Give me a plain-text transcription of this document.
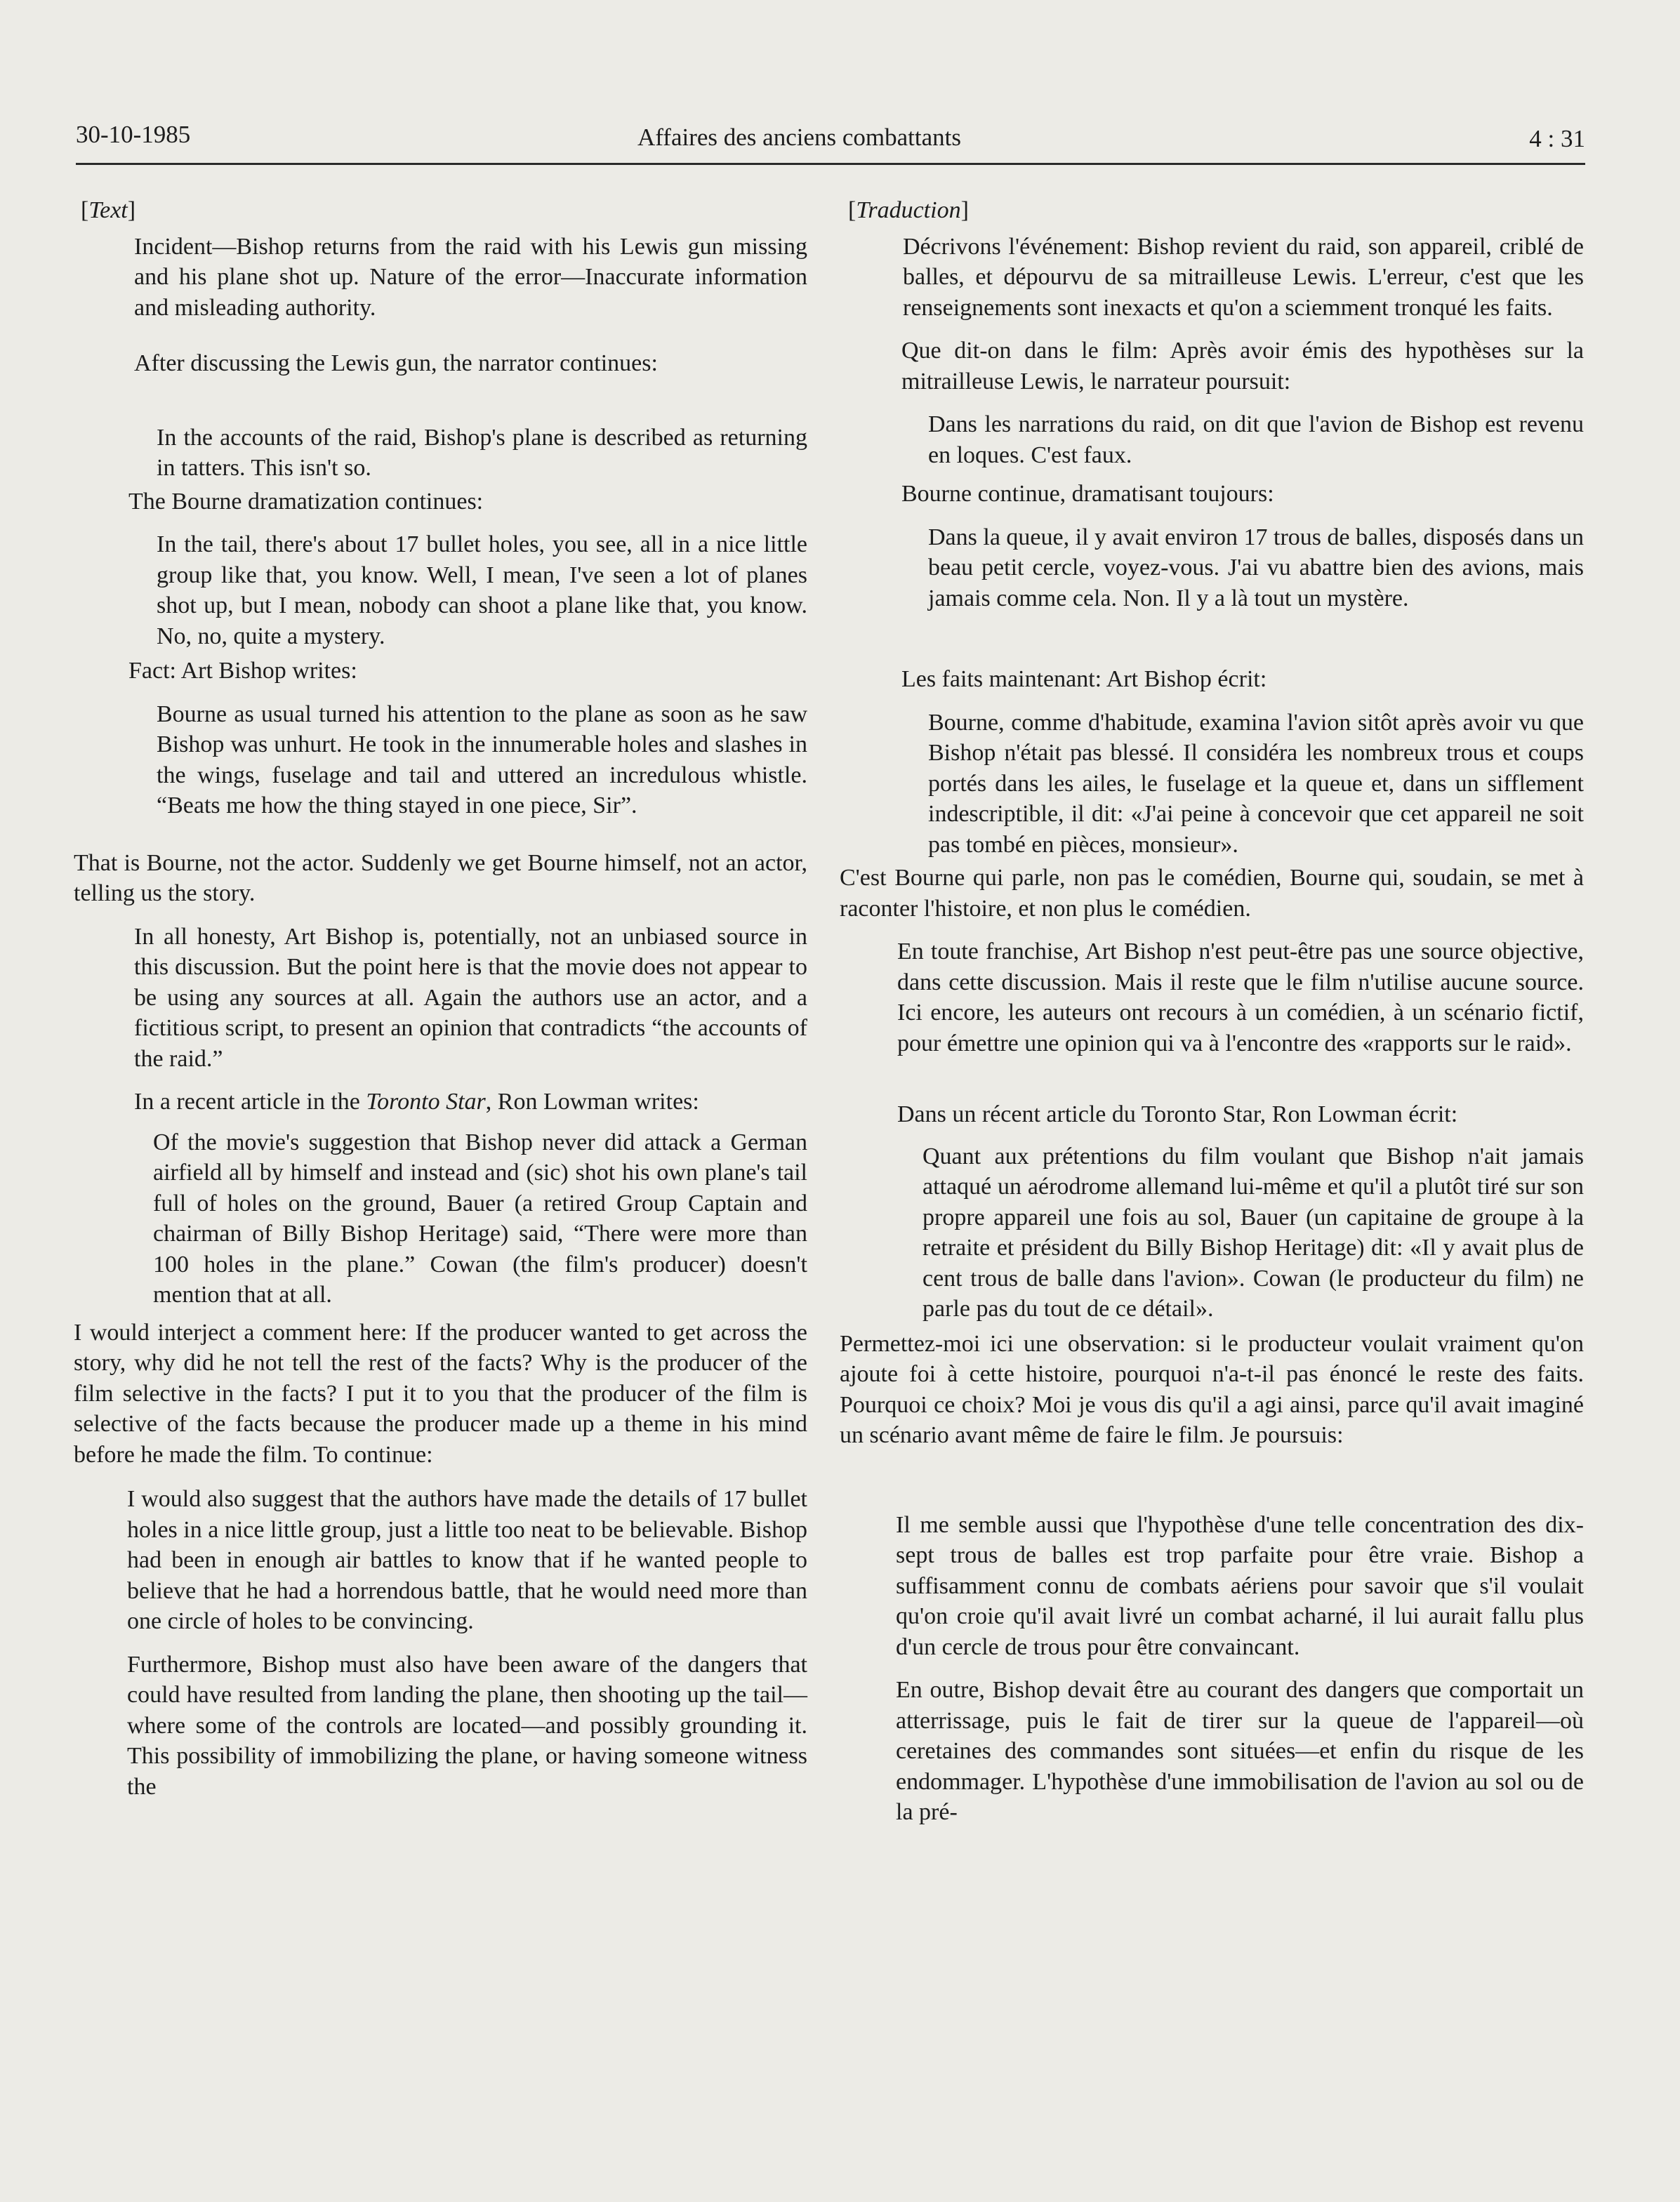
30-10-1985	Affaires des anciens combattants	4 : 31

[Text]

Incident—Bishop returns from the raid with his Lewis gun missing and his plane shot up. Nature of the error—Inaccurate information and misleading authority.

After discussing the Lewis gun, the narrator continues:

In the accounts of the raid, Bishop's plane is described as returning in tatters. This isn't so.

The Bourne dramatization continues:

In the tail, there's about 17 bullet holes, you see, all in a nice little group like that, you know. Well, I mean, I've seen a lot of planes shot up, but I mean, nobody can shoot a plane like that, you know. No, no, quite a mystery.

Fact: Art Bishop writes:

Bourne as usual turned his attention to the plane as soon as he saw Bishop was unhurt. He took in the innumerable holes and slashes in the wings, fuselage and tail and uttered an incredulous whistle. “Beats me how the thing stayed in one piece, Sir”.

That is Bourne, not the actor. Suddenly we get Bourne himself, not an actor, telling us the story.

In all honesty, Art Bishop is, potentially, not an unbiased source in this discussion. But the point here is that the movie does not appear to be using any sources at all. Again the authors use an actor, and a fictitious script, to present an opinion that contradicts “the accounts of the raid.”

In a recent article in the Toronto Star, Ron Lowman writes:

Of the movie's suggestion that Bishop never did attack a German airfield all by himself and instead and (sic) shot his own plane's tail full of holes on the ground, Bauer (a retired Group Captain and chairman of Billy Bishop Heritage) said, “There were more than 100 holes in the plane.” Cowan (the film's producer) doesn't mention that at all.

I would interject a comment here: If the producer wanted to get across the story, why did he not tell the rest of the facts? Why is the producer of the film selective in the facts? I put it to you that the producer of the film is selective of the facts because the producer made up a theme in his mind before he made the film. To continue:

I would also suggest that the authors have made the details of 17 bullet holes in a nice little group, just a little too neat to be believable. Bishop had been in enough air battles to know that if he wanted people to believe that he had a horrendous battle, that he would need more than one circle of holes to be convincing.

Furthermore, Bishop must also have been aware of the dangers that could have resulted from landing the plane, then shooting up the tail—where some of the controls are located—and possibly grounding it. This possibility of immobilizing the plane, or having someone witness the

[Traduction]

Décrivons l'événement: Bishop revient du raid, son appareil, criblé de balles, et dépourvu de sa mitrailleuse Lewis. L'erreur, c'est que les renseignements sont inexacts et qu'on a sciemment tronqué les faits.

Que dit-on dans le film: Après avoir émis des hypothèses sur la mitrailleuse Lewis, le narrateur poursuit:

Dans les narrations du raid, on dit que l'avion de Bishop est revenu en loques. C'est faux.

Bourne continue, dramatisant toujours:

Dans la queue, il y avait environ 17 trous de balles, disposés dans un beau petit cercle, voyez-vous. J'ai vu abattre bien des avions, mais jamais comme cela. Non. Il y a là tout un mystère.

Les faits maintenant: Art Bishop écrit:

Bourne, comme d'habitude, examina l'avion sitôt après avoir vu que Bishop n'était pas blessé. Il considéra les nombreux trous et coups portés dans les ailes, le fuselage et la queue et, dans un sifflement indescriptible, il dit: «J'ai peine à concevoir que cet appareil ne soit pas tombé en pièces, monsieur».

C'est Bourne qui parle, non pas le comédien, Bourne qui, soudain, se met à raconter l'histoire, et non plus le comédien.

En toute franchise, Art Bishop n'est peut-être pas une source objective, dans cette discussion. Mais il reste que le film n'utilise aucune source. Ici encore, les auteurs ont recours à un comédien, à un scénario fictif, pour émettre une opinion qui va à l'encontre des «rapports sur le raid».

Dans un récent article du Toronto Star, Ron Lowman écrit:

Quant aux prétentions du film voulant que Bishop n'ait jamais attaqué un aérodrome allemand lui-même et qu'il a plutôt tiré sur son propre appareil une fois au sol, Bauer (un capitaine de groupe à la retraite et président du Billy Bishop Heritage) dit: «Il y avait plus de cent trous de balle dans l'avion». Cowan (le producteur du film) ne parle pas du tout de ce détail».

Permettez-moi ici une observation: si le producteur voulait vraiment qu'on ajoute foi à cette histoire, pourquoi n'a-t-il pas énoncé le reste des faits. Pourquoi ce choix? Moi je vous dis qu'il a agi ainsi, parce qu'il avait imaginé un scénario avant même de faire le film. Je poursuis:

Il me semble aussi que l'hypothèse d'une telle concentration des dix-sept trous de balles est trop parfaite pour être vraie. Bishop a suffisamment connu de combats aériens pour savoir que s'il voulait qu'on croie qu'il avait livré un combat acharné, il lui aurait fallu plus d'un cercle de trous pour être convaincant.

En outre, Bishop devait être au courant des dangers que comportait un atterrissage, puis le fait de tirer sur la queue de l'appareil—où ceretaines des commandes sont situées—et enfin du risque de les endommager. L'hypothèse d'une immobilisation de l'avion au sol ou de la pré-
